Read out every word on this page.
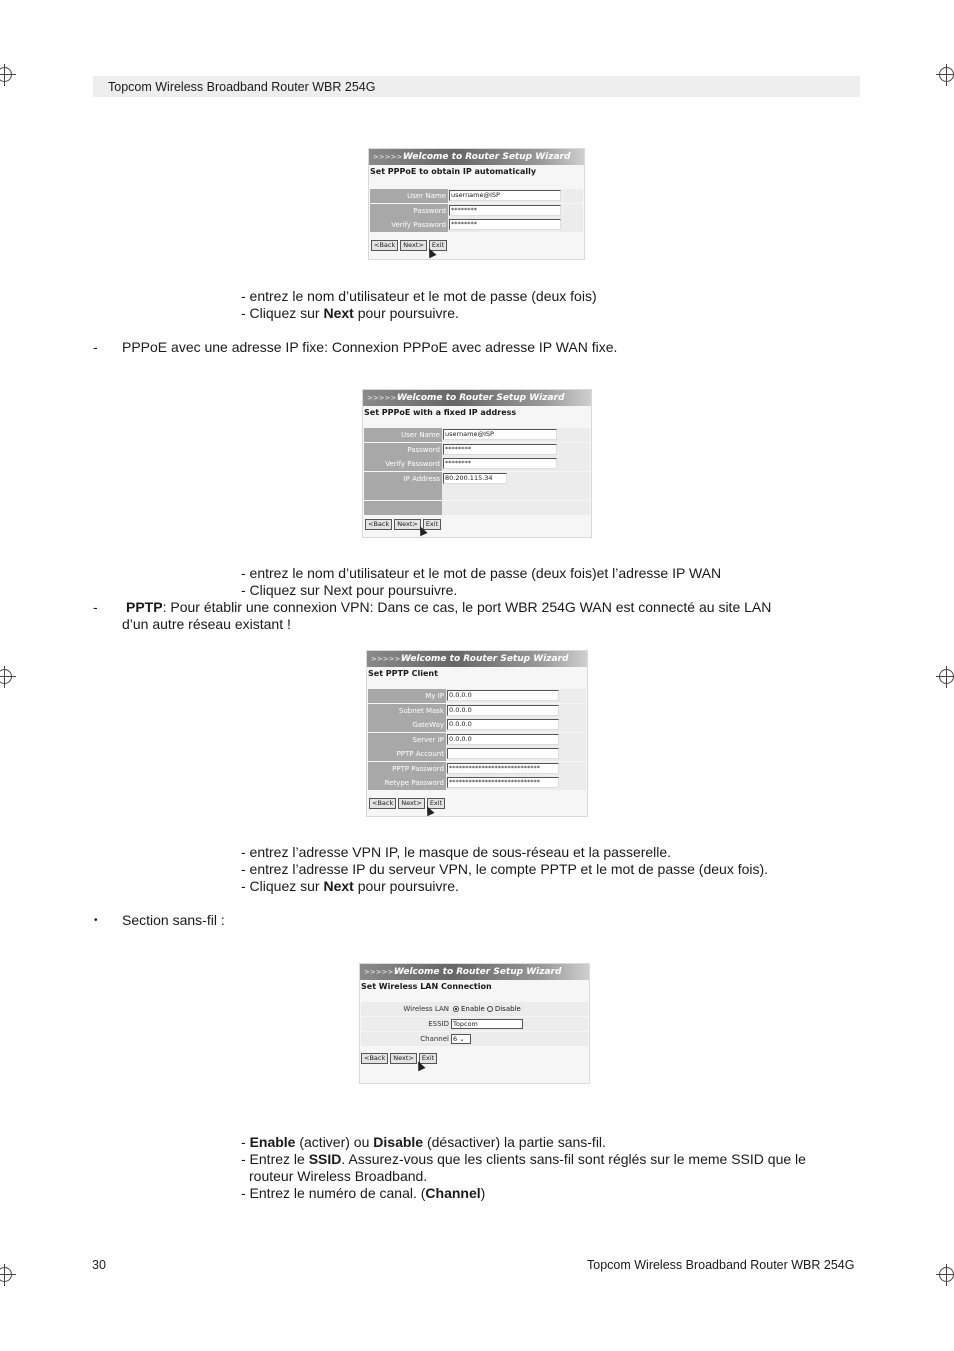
Topcom Wireless Broadband Router WBR 254G
>>>>>>
Welcome to Router Setup Wizard
Set PPPoE to obtain IP automatically
User Name username@ISP
Password ********
Verify Password ********
<Back	Next>	Exit
- entrez le nom d’utilisateur et le mot de passe (deux fois)
- Cliquez sur Next pour poursuivre.
- PPPoE avec une adresse IP fixe: Connexion PPPoE avec adresse IP WAN fixe.
>>>>>>
Welcome to Router Setup Wizard
Set PPPoE with a fixed IP address
User Name username@ISP
Password ********
Verify Password ********
IP Address 80.200.115.34
<Back	Next>	Exit
- entrez le nom d’utilisateur et le mot de passe (deux fois)et l’adresse IP WAN
- Cliquez sur Next pour poursuivre.
- PPTP: Pour établir une connexion VPN: Dans ce cas, le port WBR 254G WAN est connecté au site LAN
d’un autre réseau existant !
>>>>>>
Welcome to Router Setup Wizard
Set PPTP Client
My IP 0.0.0.0
Subnet Mask 0.0.0.0
GateWay 0.0.0.0
Server IP 0.0.0.0
PPTP Account
PPTP Password ****************************
Retype Password ****************************
<Back	Next>	Exit
- entrez l’adresse VPN IP, le masque de sous-réseau et la passerelle.
- entrez l’adresse IP du serveur VPN, le compte PPTP et le mot de passe (deux fois).
- Cliquez sur Next pour poursuivre.
• Section sans-fil :
>>>>>>
Welcome to Router Setup Wizard
Set Wireless LAN Connection
Wireless LAN Enable Disable
ESSID Topcom
Channel 6 ⌄
<Back	Next>	Exit
- Enable (activer) ou Disable (désactiver) la partie sans-fil.
- Entrez le SSID. Assurez-vous que les clients sans-fil sont réglés sur le meme SSID que le
routeur Wireless Broadband.
- Entrez le numéro de canal. (Channel)
30	Topcom Wireless Broadband Router WBR 254G
